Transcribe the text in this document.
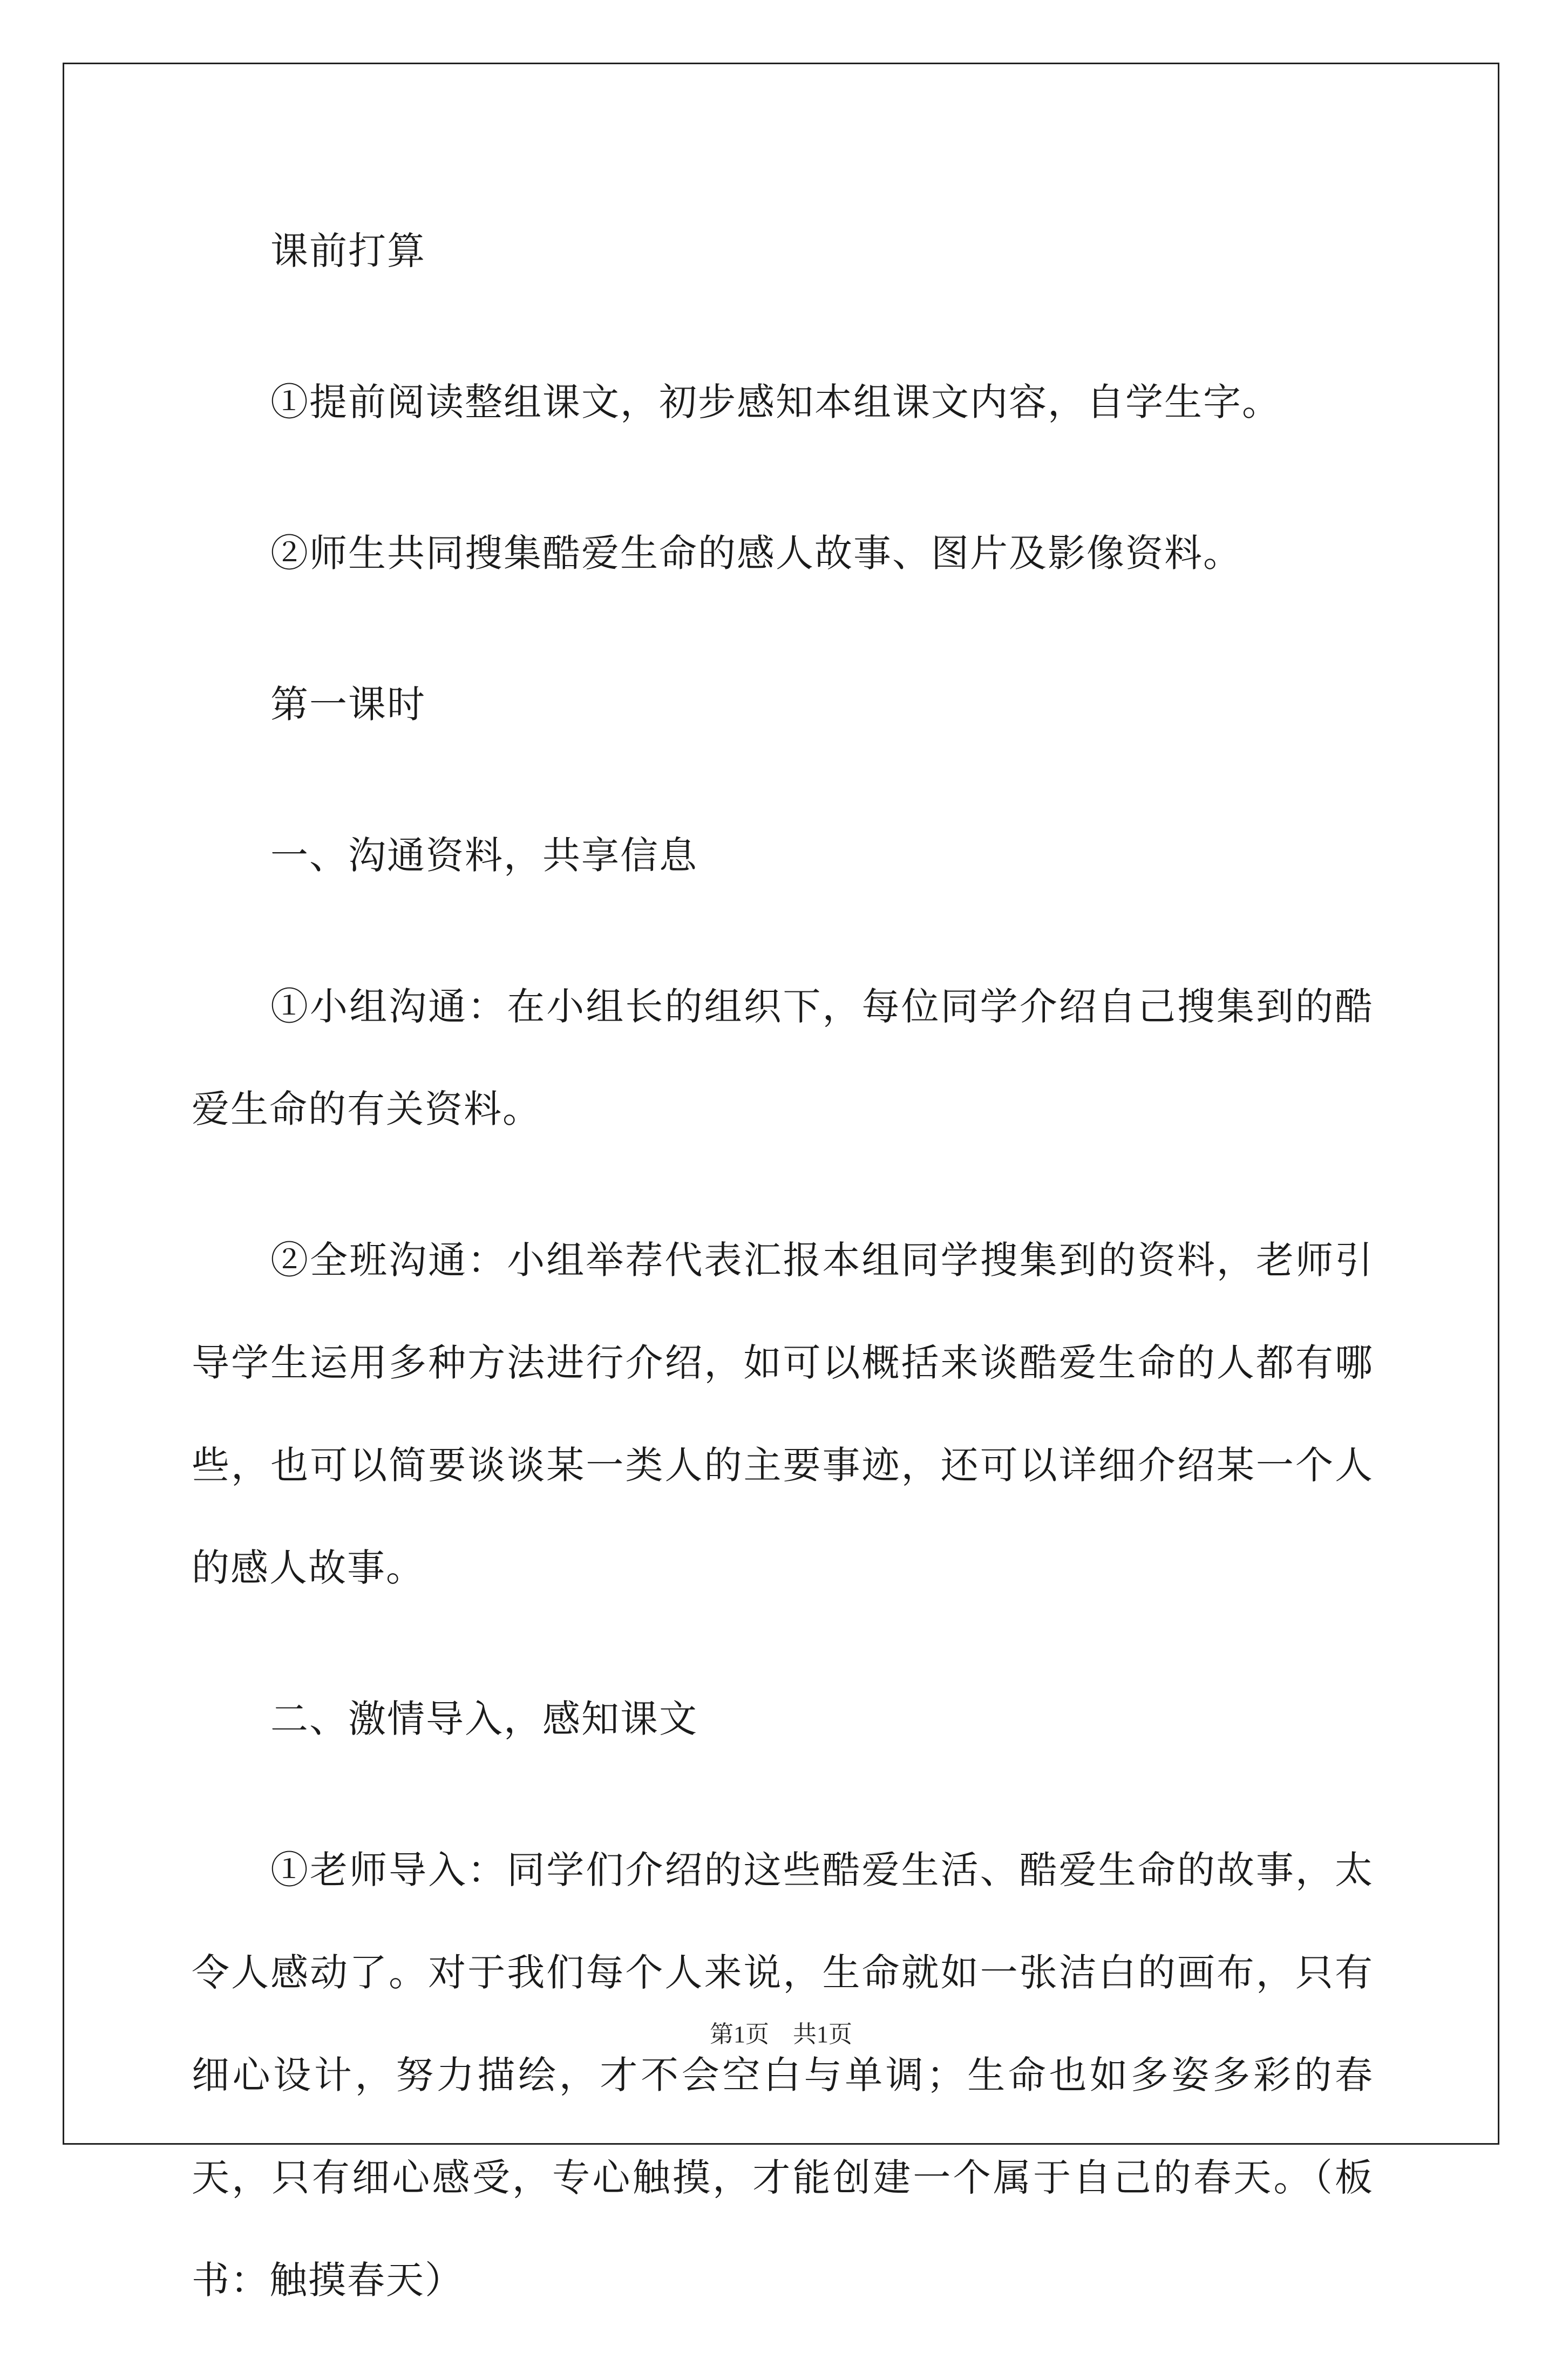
课前打算

①提前阅读整组课文，初步感知本组课文内容，自学生字。

②师生共同搜集酷爱生命的感人故事、图片及影像资料。

第一课时

一、沟通资料，共享信息

①小组沟通：在小组长的组织下，每位同学介绍自己搜集到的酷爱生命的有关资料。

②全班沟通：小组举荐代表汇报本组同学搜集到的资料，老师引导学生运用多种方法进行介绍，如可以概括来谈酷爱生命的人都有哪些，也可以简要谈谈某一类人的主要事迹，还可以详细介绍某一个人的感人故事。

二、激情导入，感知课文

①老师导入：同学们介绍的这些酷爱生活、酷爱生命的故事，太令人感动了。对于我们每个人来说，生命就如一张洁白的画布，只有细心设计，努力描绘，才不会空白与单调；生命也如多姿多彩的春天，只有细心感受，专心触摸，才能创建一个属于自己的春天。（板书：触摸春天）

第1页　共1页
